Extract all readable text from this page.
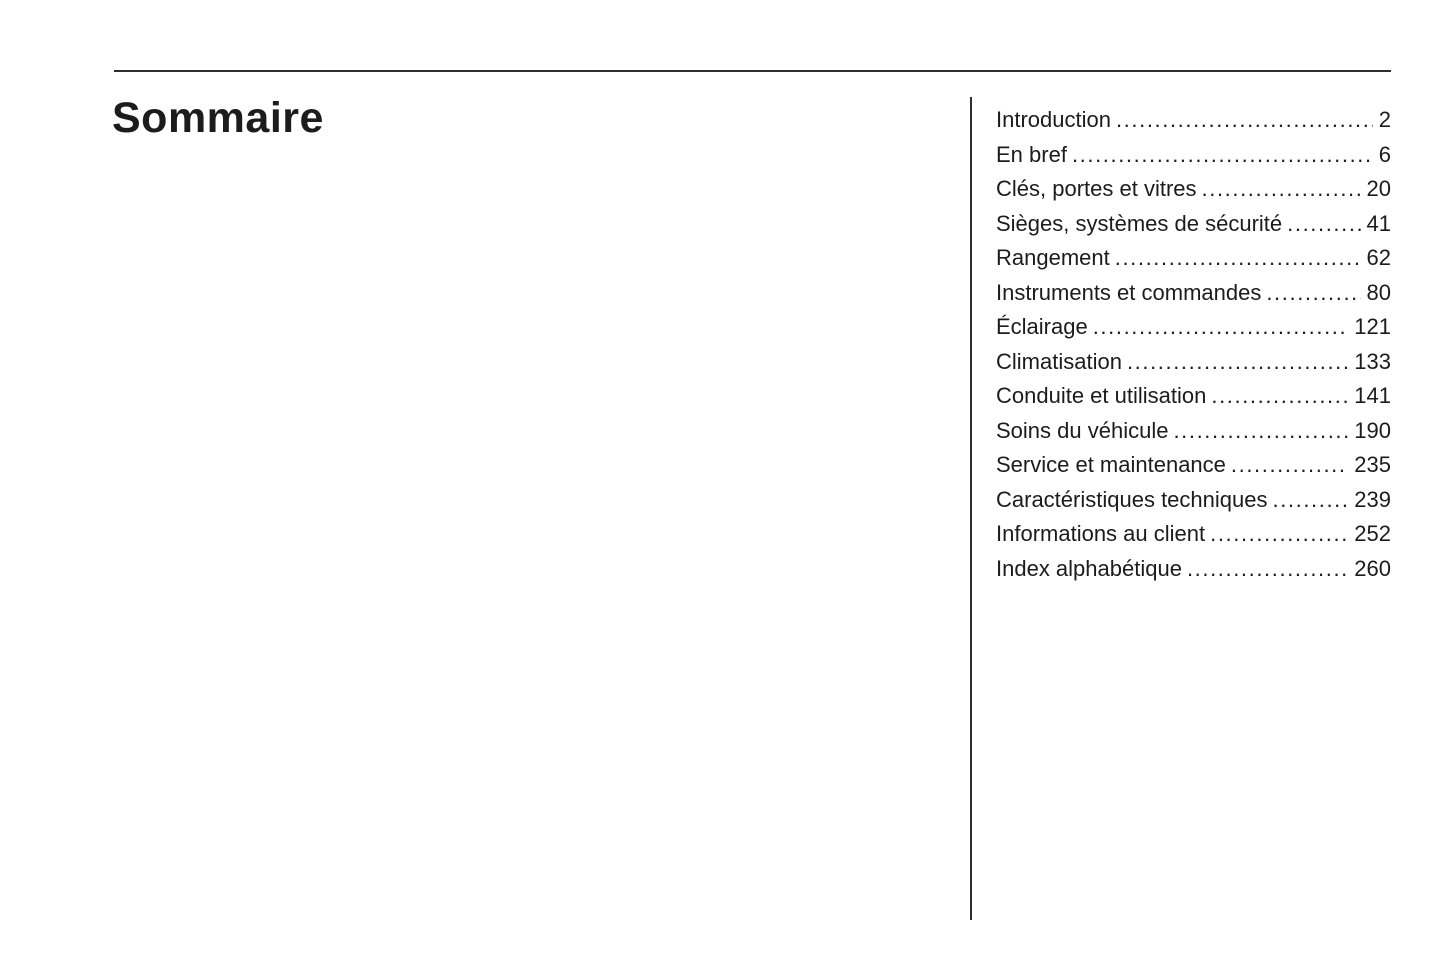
Sommaire	Introduction .....	2
En bref .....	6
Clés, portes et vitres .....	20
Sièges, systèmes de sécurité .....	41
Rangement .....	62
Instruments et commandes .....	80
Éclairage .....	121
Climatisation .....	133
Conduite et utilisation .....	141
Soins du véhicule .....	190
Service et maintenance .....	235
Caractéristiques techniques .....	239
Informations au client .....	252
Index alphabétique .....	260
